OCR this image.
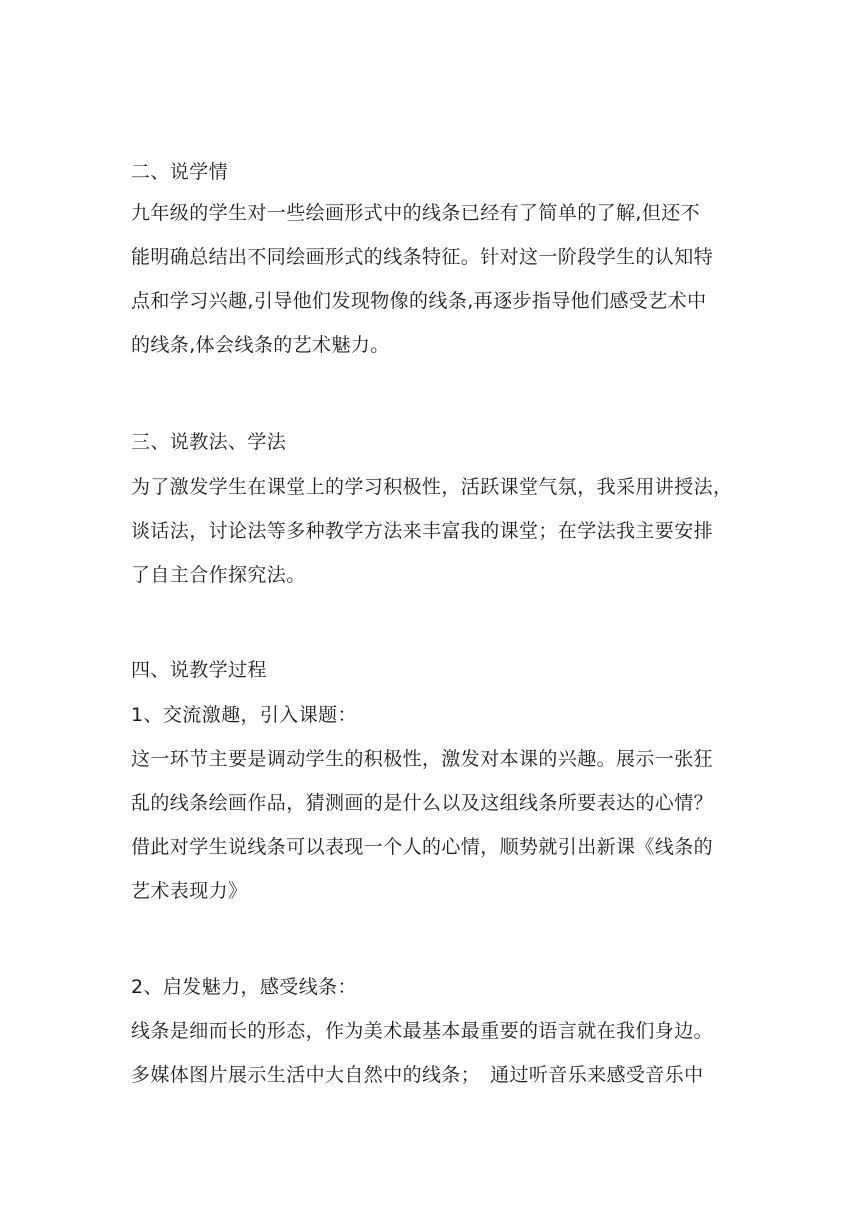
二、说学情
九年级的学生对一些绘画形式中的线条已经有了简单的了解,但还不
能明确总结出不同绘画形式的线条特征。针对这一阶段学生的认知特
点和学习兴趣,引导他们发现物像的线条,再逐步指导他们感受艺术中
的线条,体会线条的艺术魅力。
三、说教法、学法
为了激发学生在课堂上的学习积极性，活跃课堂气氛，我采用讲授法，
谈话法，讨论法等多种教学方法来丰富我的课堂；在学法我主要安排
了自主合作探究法。
四、说教学过程
1、交流激趣，引入课题：
这一环节主要是调动学生的积极性，激发对本课的兴趣。展示一张狂
乱的线条绘画作品，猜测画的是什么以及这组线条所要表达的心情？
借此对学生说线条可以表现一个人的心情，顺势就引出新课《线条的
艺术表现力》
2、启发魅力，感受线条：
线条是细而长的形态，作为美术最基本最重要的语言就在我们身边。
多媒体图片展示生活中大自然中的线条；　通过听音乐来感受音乐中
